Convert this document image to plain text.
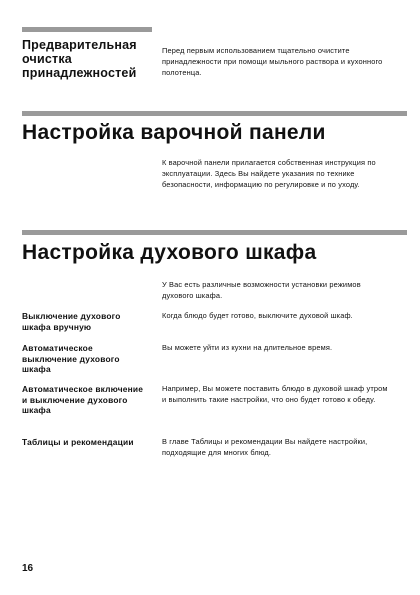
Предварительная очистка принадлежностей
Перед первым использованием тщательно очистите принадлежности при помощи мыльного раствора и кухонного полотенца.
Настройка варочной панели
К варочной панели прилагается собственная инструкция по эксплуатации. Здесь Вы найдете указания по технике безопасности, информацию по регулировке и по уходу.
Настройка духового шкафа
У Вас есть различные возможности установки режимов духового шкафа.
Выключение духового шкафа вручную
Когда блюдо будет готово, выключите духовой шкаф.
Автоматическое выключение духового шкафа
Вы можете уйти из кухни на длительное время.
Автоматическое включение и выключение духового шкафа
Например, Вы можете поставить блюдо в духовой шкаф утром и выполнить такие настройки, что оно будет готово к обеду.
Таблицы и рекомендации	В главе Таблицы и рекомендации Вы найдете настройки, подходящие для многих блюд.
16
